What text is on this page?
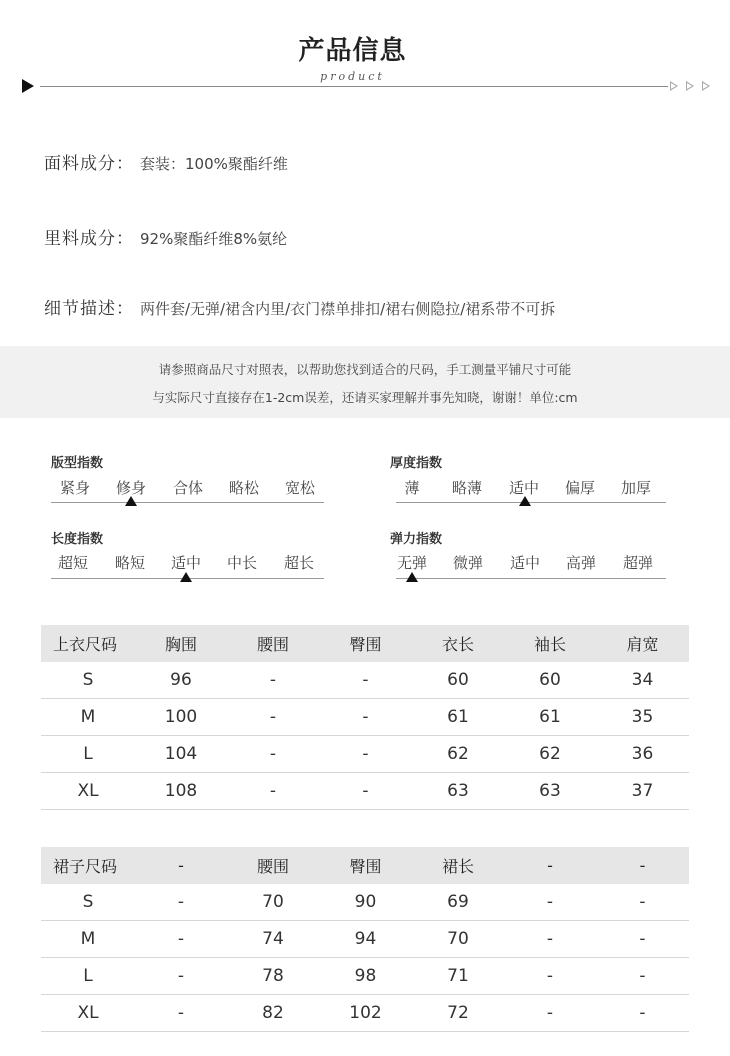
产品信息
product
面料成分： 套装：100%聚酯纤维
里料成分： 92%聚酯纤维8%氨纶
细节描述： 两件套/无弹/裙含内里/衣门襟单排扣/裙右侧隐拉/裙系带不可拆
请参照商品尺寸对照表，以帮助您找到适合的尺码，手工测量平铺尺寸可能
与实际尺寸直接存在1-2cm误差，还请买家理解并事先知晓，谢谢！单位:cm
版型指数
紧身 修身 合体 略松 宽松
厚度指数
薄 略薄 适中 偏厚 加厚
长度指数
超短 略短 适中 中长 超长
弹力指数
无弹 微弹 适中 高弹 超弹
上衣尺码	胸围	腰围	臀围	衣长	袖长	肩宽
S	96	-	-	60	60	34
M	100	-	-	61	61	35
L	104	-	-	62	62	36
XL	108	-	-	63	63	37
裙子尺码	-	腰围	臀围	裙长	-	-
S	-	70	90	69	-	-
M	-	74	94	70	-	-
L	-	78	98	71	-	-
XL	-	82	102	72	-	-
